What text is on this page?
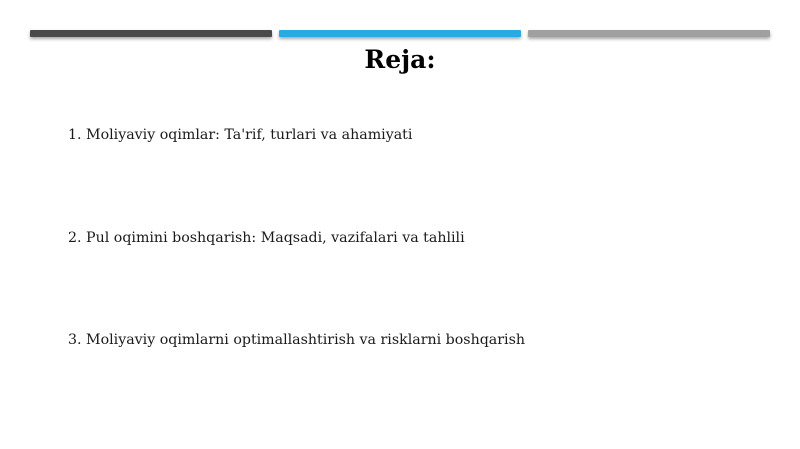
Reja:
1. Moliyaviy oqimlar: Ta'rif, turlari va ahamiyati
2. Pul oqimini boshqarish: Maqsadi, vazifalari va tahlili
3. Moliyaviy oqimlarni optimallashtirish va risklarni boshqarish
